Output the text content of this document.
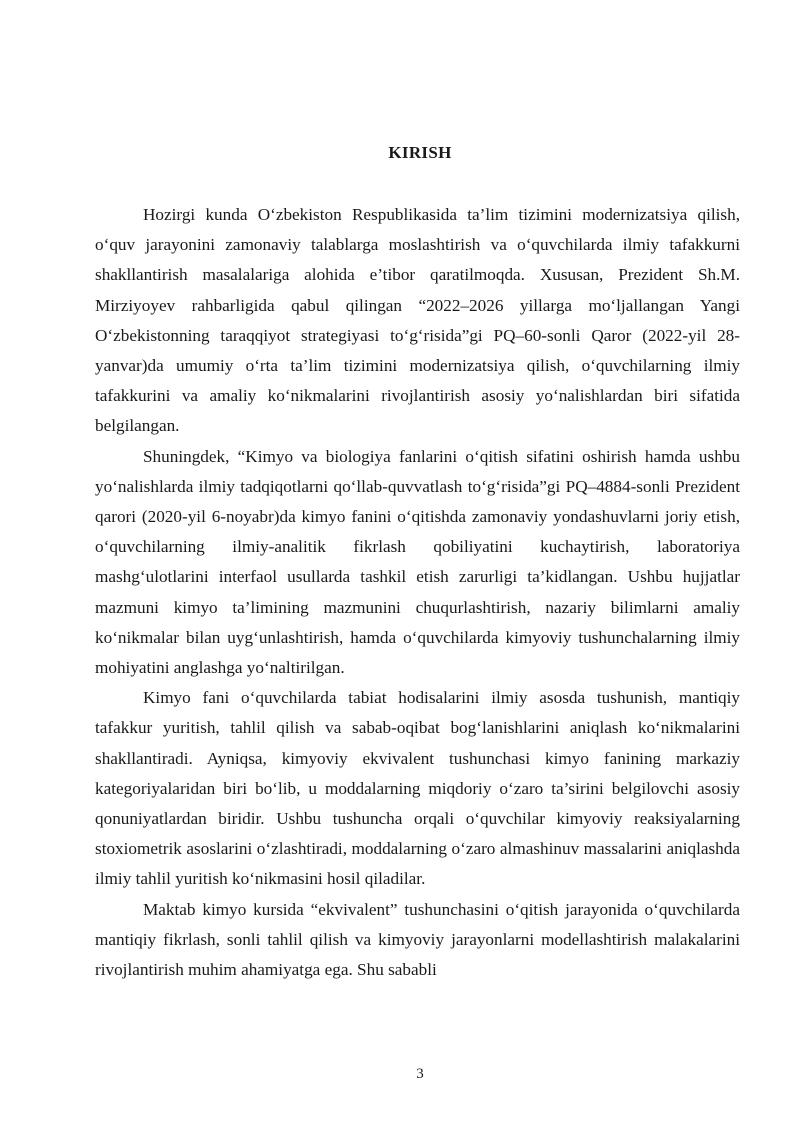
KIRISH

Hozirgi kunda O‘zbekiston Respublikasida ta’lim tizimini modernizatsiya qilish, o‘quv jarayonini zamonaviy talablarga moslashtirish va o‘quvchilarda ilmiy tafakkurni shakllantirish masalalariga alohida e’tibor qaratilmoqda. Xususan, Prezident Sh.M. Mirziyoyev rahbarligida qabul qilingan “2022–2026 yillarga mo‘ljallangan Yangi O‘zbekistonning taraqqiyot strategiyasi to‘g‘risida”gi PQ–60-sonli Qaror (2022-yil 28-yanvar)da umumiy o‘rta ta’lim tizimini modernizatsiya qilish, o‘quvchilarning ilmiy tafakkurini va amaliy ko‘nikmalarini rivojlantirish asosiy yo‘nalishlardan biri sifatida belgilangan.

Shuningdek, “Kimyo va biologiya fanlarini o‘qitish sifatini oshirish hamda ushbu yo‘nalishlarda ilmiy tadqiqotlarni qo‘llab-quvvatlash to‘g‘risida”gi PQ–4884-sonli Prezident qarori (2020-yil 6-noyabr)da kimyo fanini o‘qitishda zamonaviy yondashuvlarni joriy etish, o‘quvchilarning ilmiy-analitik fikrlash qobiliyatini kuchaytirish, laboratoriya mashg‘ulotlarini interfaol usullarda tashkil etish zarurligi ta’kidlangan. Ushbu hujjatlar mazmuni kimyo ta’limining mazmunini chuqurlashtirish, nazariy bilimlarni amaliy ko‘nikmalar bilan uyg‘unlashtirish, hamda o‘quvchilarda kimyoviy tushunchalarning ilmiy mohiyatini anglashga yo‘naltirilgan.

Kimyo fani o‘quvchilarda tabiat hodisalarini ilmiy asosda tushunish, mantiqiy tafakkur yuritish, tahlil qilish va sabab-oqibat bog‘lanishlarini aniqlash ko‘nikmalarini shakllantiradi. Ayniqsa, kimyoviy ekvivalent tushunchasi kimyo fanining markaziy kategoriyalaridan biri bo‘lib, u moddalarning miqdoriy o‘zaro ta’sirini belgilovchi asosiy qonuniyatlardan biridir. Ushbu tushuncha orqali o‘quvchilar kimyoviy reaksiyalarning stoxiometrik asoslarini o‘zlashtiradi, moddalarning o‘zaro almashinuv massalarini aniqlashda ilmiy tahlil yuritish ko‘nikmasini hosil qiladilar.

Maktab kimyo kursida “ekvivalent” tushunchasini o‘qitish jarayonida o‘quvchilarda mantiqiy fikrlash, sonli tahlil qilish va kimyoviy jarayonlarni modellashtirish malakalarini rivojlantirish muhim ahamiyatga ega. Shu sababli

3
